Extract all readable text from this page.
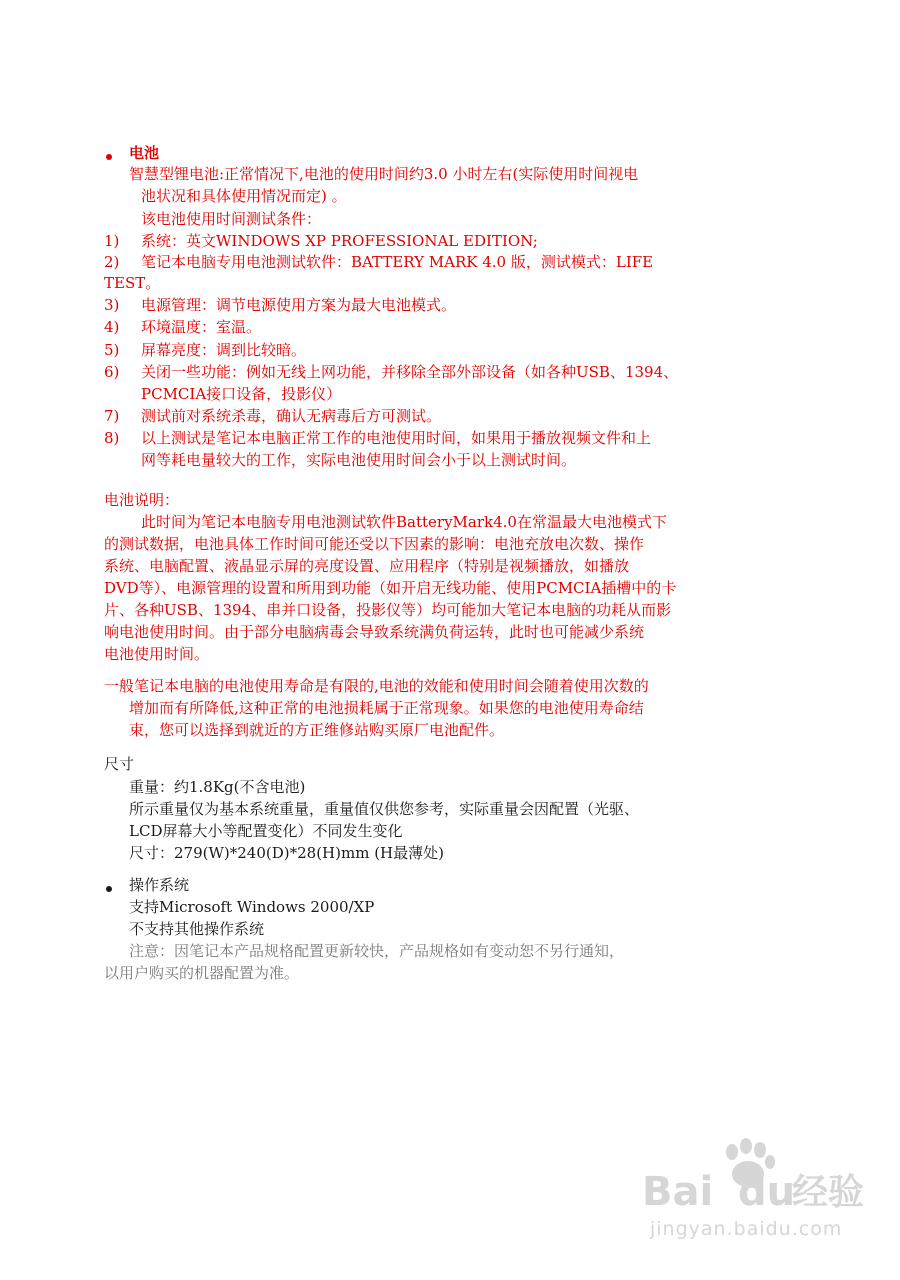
电池
智慧型锂电池:正常情况下,电池的使用时间约3.0 小时左右(实际使用时间视电
池状况和具体使用情况而定) 。
该电池使用时间测试条件：
1) 系统：英文WINDOWS XP PROFESSIONAL EDITION;
2) 笔记本电脑专用电池测试软件：BATTERY MARK 4.0 版，测试模式：LIFE
TEST。
3) 电源管理：调节电源使用方案为最大电池模式。
4) 环境温度：室温。
5) 屏幕亮度：调到比较暗。
6) 关闭一些功能：例如无线上网功能，并移除全部外部设备（如各种USB、1394、
PCMCIA接口设备，投影仪）
7) 测试前对系统杀毒，确认无病毒后方可测试。
8) 以上测试是笔记本电脑正常工作的电池使用时间，如果用于播放视频文件和上
网等耗电量较大的工作，实际电池使用时间会小于以上测试时间。
电池说明：
此时间为笔记本电脑专用电池测试软件BatteryMark4.0在常温最大电池模式下
的测试数据，电池具体工作时间可能还受以下因素的影响：电池充放电次数、操作
系统、电脑配置、液晶显示屏的亮度设置、应用程序（特别是视频播放，如播放
DVD等）、电源管理的设置和所用到功能（如开启无线功能、使用PCMCIA插槽中的卡
片、各种USB、1394、串并口设备，投影仪等）均可能加大笔记本电脑的功耗从而影
响电池使用时间。由于部分电脑病毒会导致系统满负荷运转，此时也可能减少系统
电池使用时间。
一般笔记本电脑的电池使用寿命是有限的,电池的效能和使用时间会随着使用次数的
增加而有所降低,这种正常的电池损耗属于正常现象。如果您的电池使用寿命结
束，您可以选择到就近的方正维修站购买原厂电池配件。
尺寸
重量：约1.8Kg(不含电池)
所示重量仅为基本系统重量，重量值仅供您参考，实际重量会因配置（光驱、
LCD屏幕大小等配置变化）不同发生变化
尺寸：279(W)*240(D)*28(H)mm (H最薄处)
操作系统
支持Microsoft Windows 2000/XP
不支持其他操作系统
注意：因笔记本产品规格配置更新较快，产品规格如有变动恕不另行通知，
以用户购买的机器配置为准。
Bai du
经验
jingyan.baidu.com
